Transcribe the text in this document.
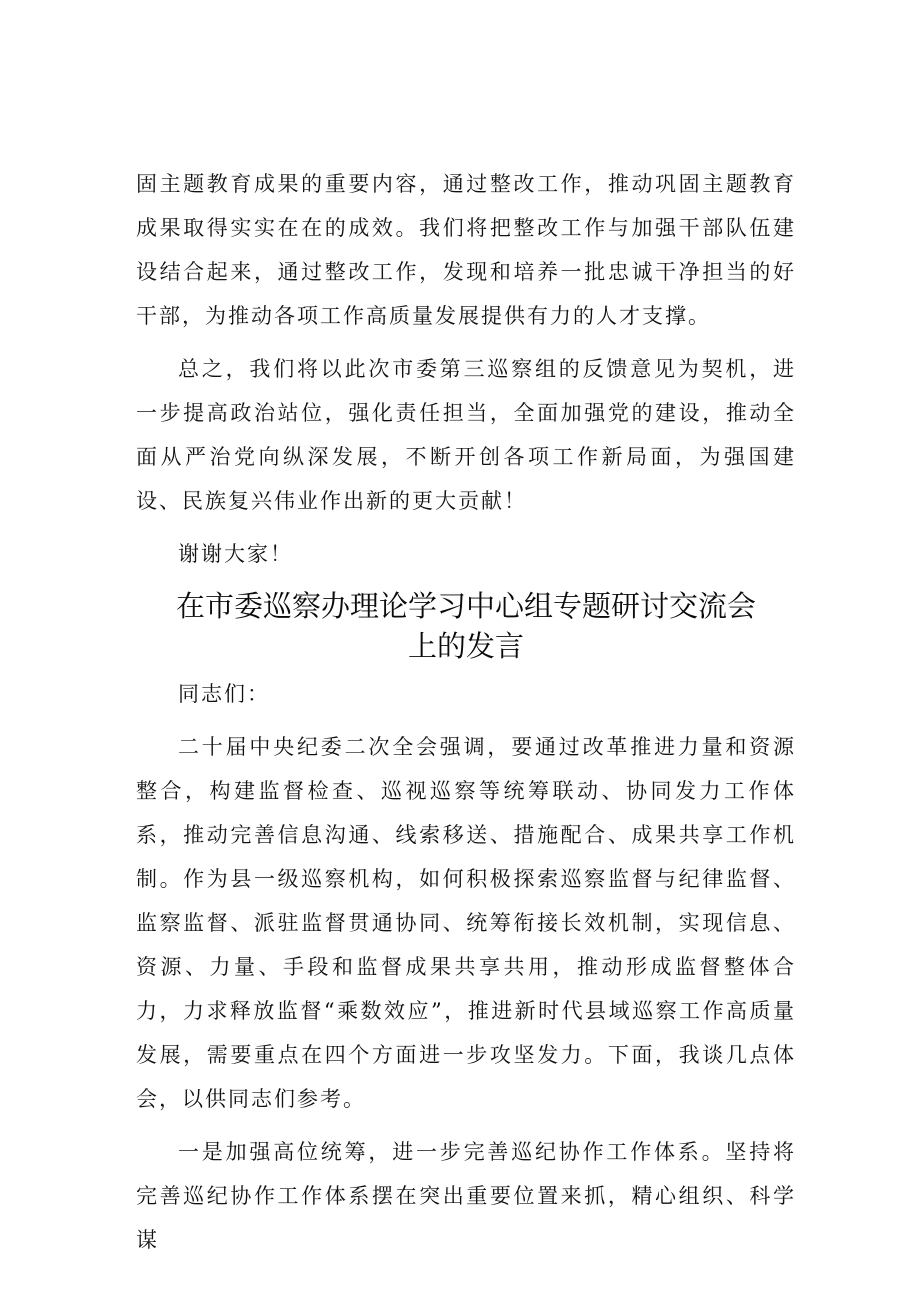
固主题教育成果的重要内容，通过整改工作，推动巩固主题教育成果取得实实在在的成效。我们将把整改工作与加强干部队伍建设结合起来，通过整改工作，发现和培养一批忠诚干净担当的好干部，为推动各项工作高质量发展提供有力的人才支撑。

总之，我们将以此次市委第三巡察组的反馈意见为契机，进一步提高政治站位，强化责任担当，全面加强党的建设，推动全面从严治党向纵深发展，不断开创各项工作新局面，为强国建设、民族复兴伟业作出新的更大贡献！

谢谢大家！

在市委巡察办理论学习中心组专题研讨交流会
上的发言

同志们：

二十届中央纪委二次全会强调，要通过改革推进力量和资源整合，构建监督检查、巡视巡察等统筹联动、协同发力工作体系，推动完善信息沟通、线索移送、措施配合、成果共享工作机制。作为县一级巡察机构，如何积极探索巡察监督与纪律监督、监察监督、派驻监督贯通协同、统筹衔接长效机制，实现信息、资源、力量、手段和监督成果共享共用，推动形成监督整体合力，力求释放监督“乘数效应”，推进新时代县域巡察工作高质量发展，需要重点在四个方面进一步攻坚发力。下面，我谈几点体会，以供同志们参考。

一是加强高位统筹，进一步完善巡纪协作工作体系。坚持将完善巡纪协作工作体系摆在突出重要位置来抓，精心组织、科学谋
